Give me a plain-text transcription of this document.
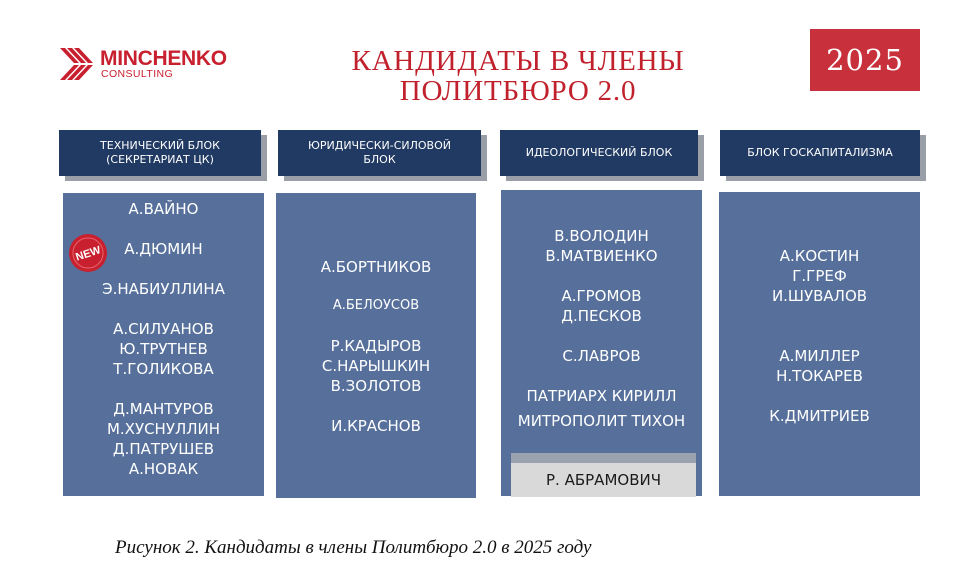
MINCHENKO
CONSULTING	КАНДИДАТЫ В ЧЛЕНЫ
ПОЛИТБЮРО 2.0
2025
ТЕХНИЧЕСКИЙ БЛОК
(СЕКРЕТАРИАТ ЦК)
А.ВАЙНО
А.ДЮМИН
Э.НАБИУЛЛИНА
А.СИЛУАНОВ
Ю.ТРУТНЕВ
Т.ГОЛИКОВА
Д.МАНТУРОВ
М.ХУСНУЛЛИН
Д.ПАТРУШЕВ
А.НОВАК
NEW
ЮРИДИЧЕСКИ-СИЛОВОЙ
БЛОК
А.БОРТНИКОВ
А.БЕЛОУСОВ
Р.КАДЫРОВ
С.НАРЫШКИН
В.ЗОЛОТОВ
И.КРАСНОВ
ИДЕОЛОГИЧЕСКИЙ БЛОК
В.ВОЛОДИН
В.МАТВИЕНКО
А.ГРОМОВ
Д.ПЕСКОВ
С.ЛАВРОВ
ПАТРИАРХ КИРИЛЛ
МИТРОПОЛИТ ТИХОН
Р. АБРАМОВИЧ
БЛОК ГОСКАПИТАЛИЗМА
А.КОСТИН
Г.ГРЕФ
И.ШУВАЛОВ
А.МИЛЛЕР
Н.ТОКАРЕВ
К.ДМИТРИЕВ
Рисунок 2. Кандидаты в члены Политбюро 2.0 в 2025 году
